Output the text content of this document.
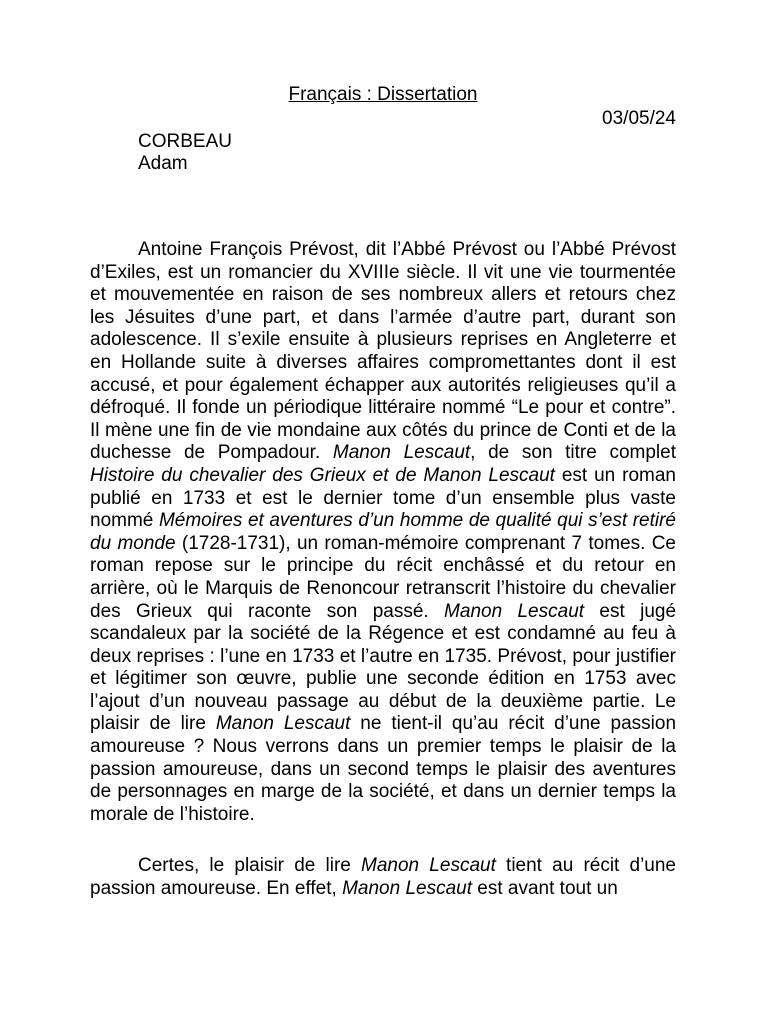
Français : Dissertation

03/05/24

CORBEAU

Adam

Antoine François Prévost, dit l’Abbé Prévost ou l’Abbé Prévost d’Exiles, est un romancier du XVIIIe siècle. Il vit une vie tourmentée et mouvementée en raison de ses nombreux allers et retours chez les Jésuites d’une part, et dans l’armée d’autre part, durant son adolescence. Il s’exile ensuite à plusieurs reprises en Angleterre et en Hollande suite à diverses affaires compromettantes dont il est accusé, et pour également échapper aux autorités religieuses qu’il a défroqué. Il fonde un périodique littéraire nommé “Le pour et contre”. Il mène une fin de vie mondaine aux côtés du prince de Conti et de la duchesse de Pompadour. Manon Lescaut, de son titre complet Histoire du chevalier des Grieux et de Manon Lescaut est un roman publié en 1733 et est le dernier tome d’un ensemble plus vaste nommé Mémoires et aventures d’un homme de qualité qui s’est retiré du monde (1728-1731), un roman-mémoire comprenant 7 tomes. Ce roman repose sur le principe du récit enchâssé et du retour en arrière, où le Marquis de Renoncour retranscrit l’histoire du chevalier des Grieux qui raconte son passé. Manon Lescaut est jugé scandaleux par la société de la Régence et est condamné au feu à deux reprises : l’une en 1733 et l’autre en 1735. Prévost, pour justifier et légitimer son œuvre, publie une seconde édition en 1753 avec l’ajout d’un nouveau passage au début de la deuxième partie. Le plaisir de lire Manon Lescaut ne tient-il qu’au récit d’une passion amoureuse ? Nous verrons dans un premier temps le plaisir de la passion amoureuse, dans un second temps le plaisir des aventures de personnages en marge de la société, et dans un dernier temps la morale de l’histoire.

Certes, le plaisir de lire Manon Lescaut tient au récit d’une passion amoureuse. En effet, Manon Lescaut est avant tout un
